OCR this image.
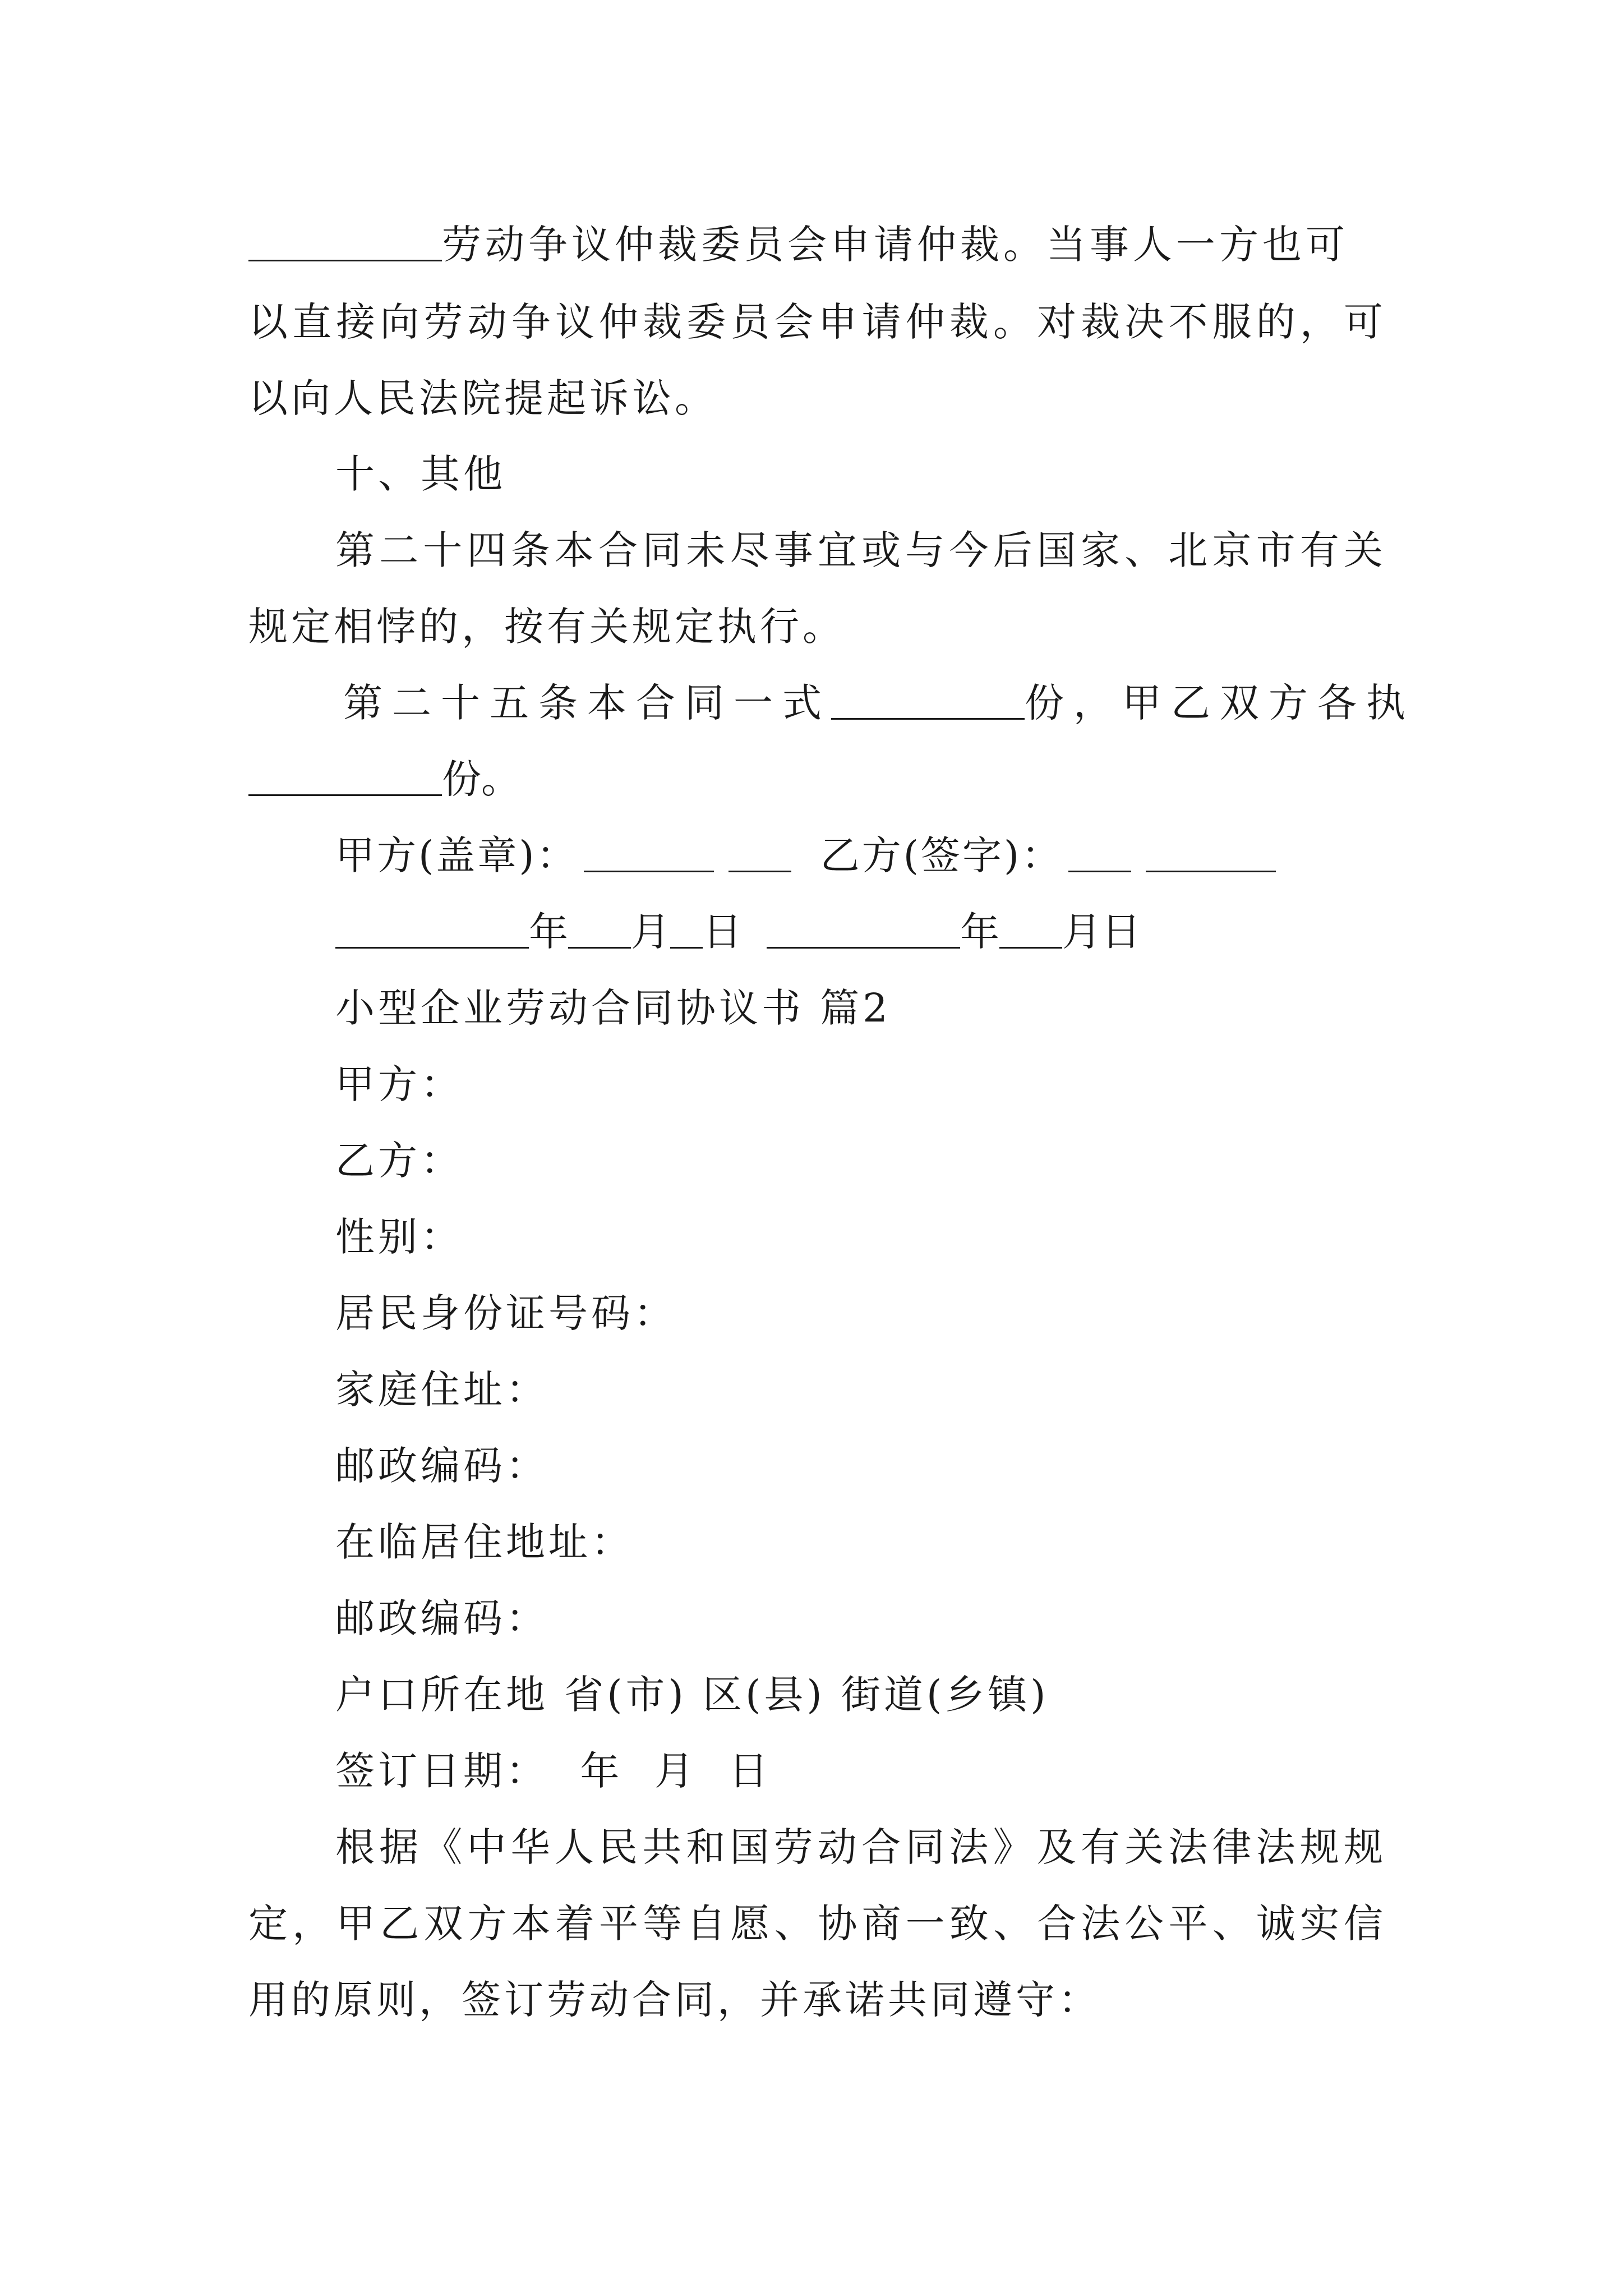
劳动争议仲裁委员会申请仲裁。当事人一方也可
以直接向劳动争议仲裁委员会申请仲裁。对裁决不服的，可
以向人民法院提起诉讼。
十、其他
第二十四条本合同未尽事宜或与今后国家、北京市有关
规定相悖的，按有关规定执行。
第二十五条本合同一式	份，甲乙双方各执
份。
甲方(盖章)：	乙方(签字)：
年 月 日	年 月日
小型企业劳动合同协议书 篇2
甲方：
乙方：
性别：
居民身份证号码：
家庭住址：
邮政编码：
在临居住地址：
邮政编码：
户口所在地 省(市) 区(县) 街道(乡镇)
签订日期：  年  月  日
根据《中华人民共和国劳动合同法》及有关法律法规规
定，甲乙双方本着平等自愿、协商一致、合法公平、诚实信
用的原则，签订劳动合同，并承诺共同遵守：
